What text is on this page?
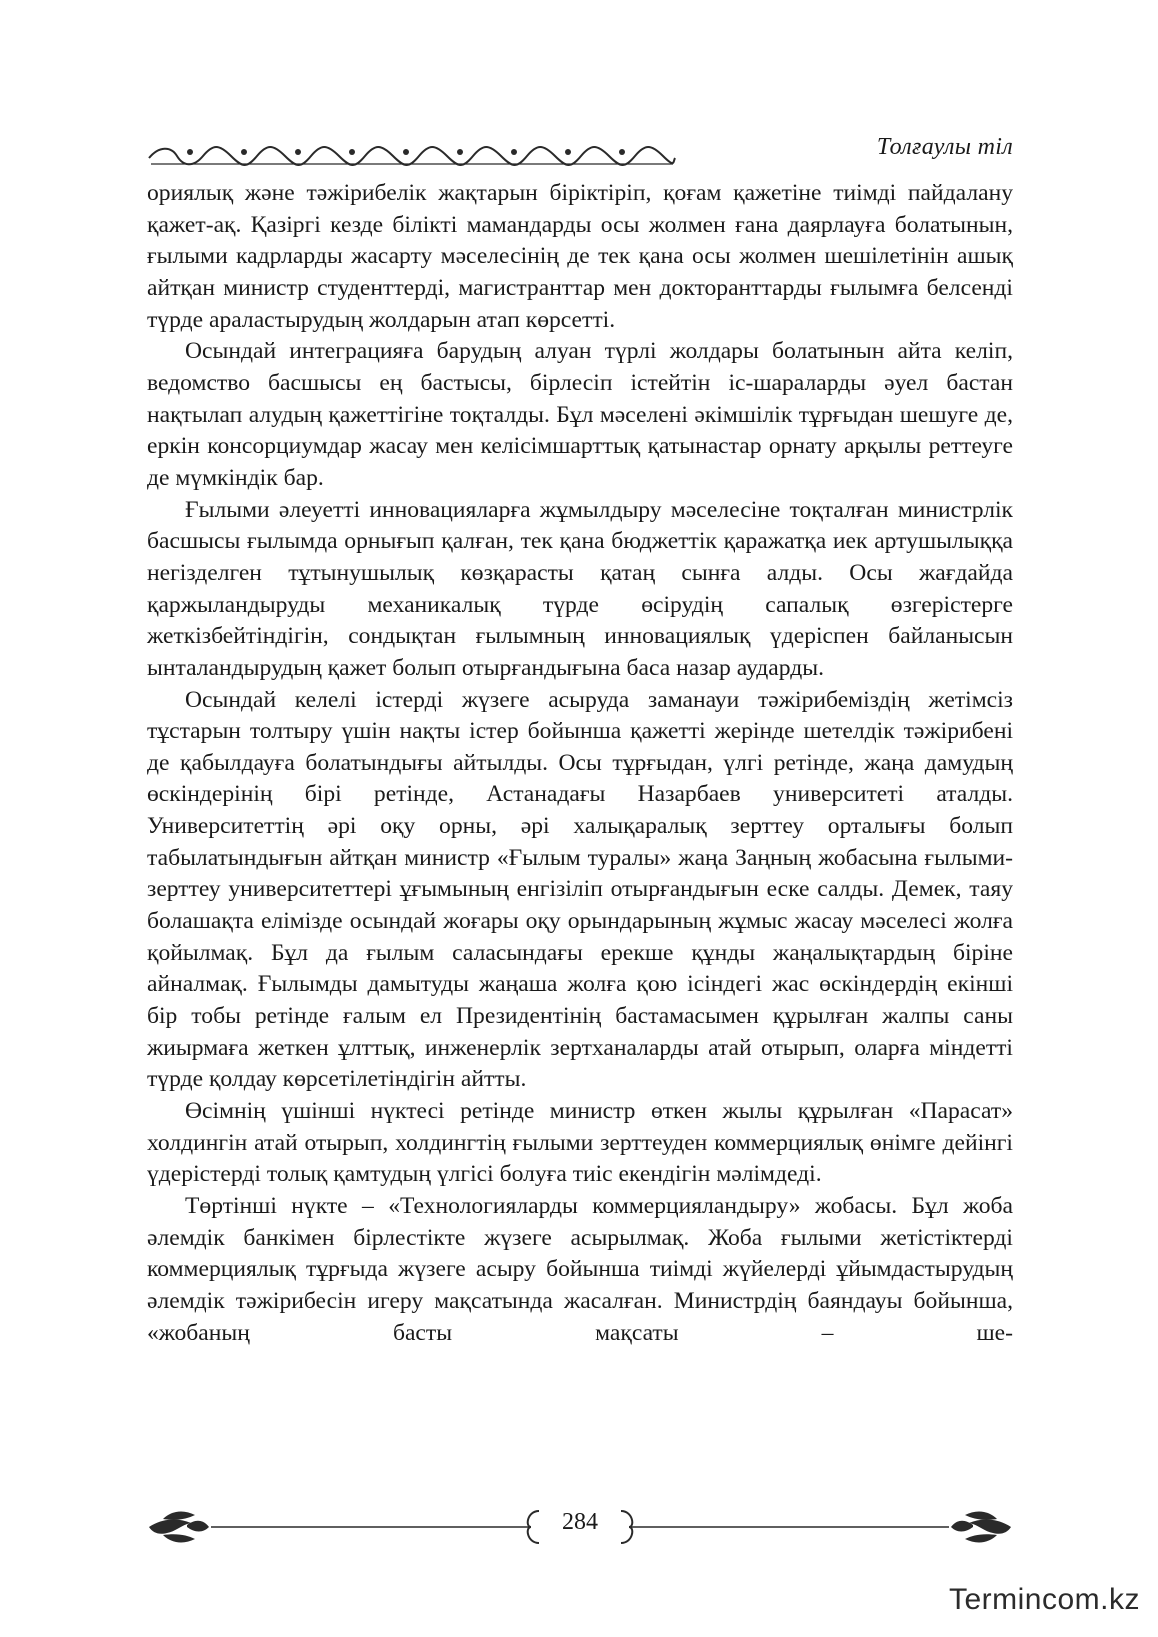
Толғаулы тіл

ориялық және тәжірибелік жақтарын біріктіріп, қоғам қажетіне тиімді пайдалану қажет-ақ. Қазіргі кезде білікті мамандарды осы жолмен ғана даярлауға болатынын, ғылыми кадрларды жасарту мәселесінің де тек қана осы жолмен шешілетінін ашық айтқан министр студенттерді, магистранттар мен докторанттарды ғылымға белсенді түрде араластырудың жолдарын атап көрсетті.

Осындай интеграцияға барудың алуан түрлі жолдары болатынын айта келіп, ведомство басшысы ең бастысы, бірлесіп істейтін іс-шараларды әуел бастан нақтылап алудың қажеттігіне тоқталды. Бұл мәселені әкімшілік тұрғыдан шешуге де, еркін консорциумдар жасау мен келісімшарттық қатынастар орнату арқылы реттеуге де мүмкіндік бар.

Ғылыми әлеуетті инновацияларға жұмылдыру мәселесіне тоқталған министрлік басшысы ғылымда орнығып қалған, тек қана бюджеттік қаражатқа иек артушылыққа негізделген тұтынушылық көзқарасты қатаң сынға алды. Осы жағдайда қаржыландыруды механикалық түрде өсірудің сапалық өзгерістерге жеткізбейтіндігін, сондықтан ғылымның инновациялық үдеріспен байланысын ынталандырудың қажет болып отырғандығына баса назар аударды.

Осындай келелі істерді жүзеге асыруда заманауи тәжірибеміздің жетімсіз тұстарын толтыру үшін нақты істер бойынша қажетті жерінде шетелдік тәжірибені де қабылдауға болатындығы айтылды. Осы тұрғыдан, үлгі ретінде, жаңа дамудың өскіндерінің бірі ретінде, Астанадағы Назарбаев университеті аталды. Университеттің әрі оқу орны, әрі халықаралық зерттеу орталығы болып табылатындығын айтқан министр «Ғылым туралы» жаңа Заңның жобасына ғылыми-зерттеу университеттері ұғымының енгізіліп отырғандығын еске салды. Демек, таяу болашақта елімізде осындай жоғары оқу орындарының жұмыс жасау мәселесі жолға қойылмақ. Бұл да ғылым саласындағы ерекше құнды жаңалықтардың біріне айналмақ. Ғылымды дамытуды жаңаша жолға қою ісіндегі жас өскіндердің екінші бір тобы ретінде ғалым ел Президентінің бастамасымен құрылған жалпы саны жиырмаға жеткен ұлттық, инженерлік зертханаларды атай отырып, оларға міндетті түрде қолдау көрсетілетіндігін айтты.

Өсімнің үшінші нүктесі ретінде министр өткен жылы құрылған «Парасат» холдингін атай отырып, холдингтің ғылыми зерттеуден коммерциялық өнімге дейінгі үдерістерді толық қамтудың үлгісі болуға тиіс екендігін мәлімдеді.

Төртінші нүкте – «Технологияларды коммерцияландыру» жобасы. Бұл жоба әлемдік банкімен бірлестікте жүзеге асырылмақ. Жоба ғылыми жетістіктерді коммерциялық тұрғыда жүзеге асыру бойынша тиімді жүйелерді ұйымдастырудың әлемдік тәжірибесін игеру мақсатында жасалған. Министрдің баяндауы бойынша, «жобаның басты мақсаты – ше-

284
Termincom.kz
